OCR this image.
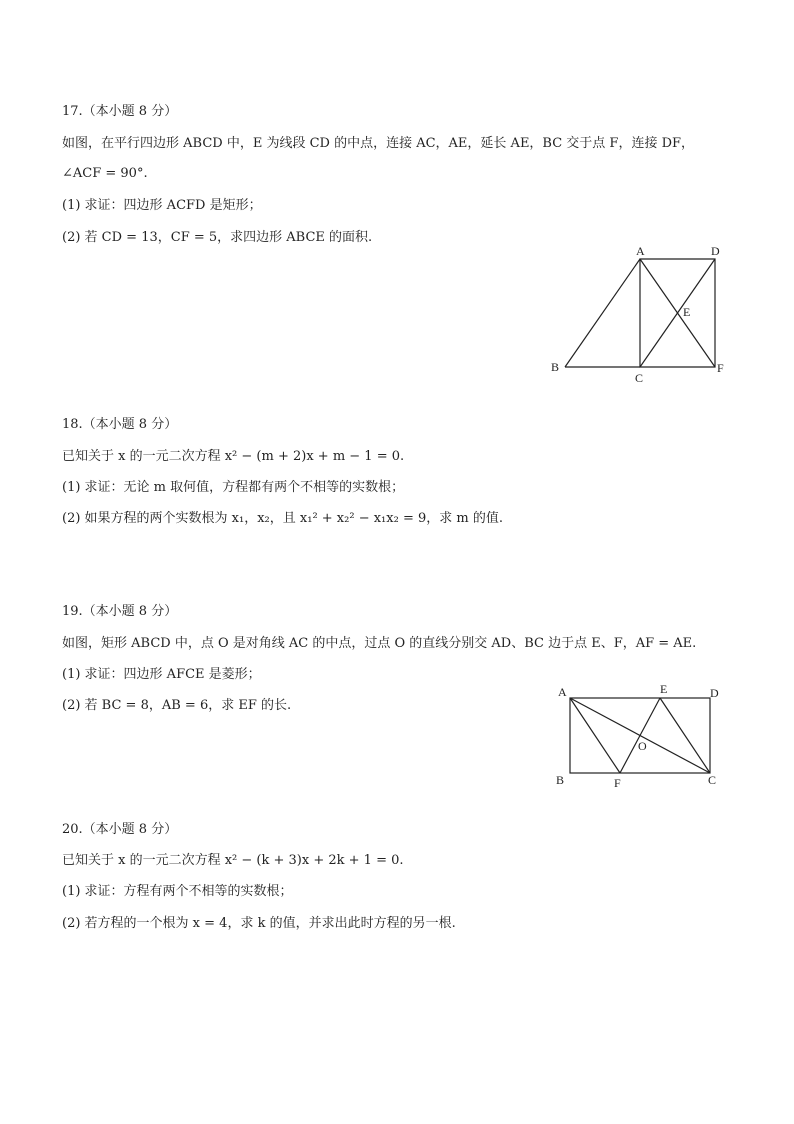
17.（本小题 8 分）
如图，在平行四边形 ABCD 中，E 为线段 CD 的中点，连接 AC，AE，延长 AE，BC 交于点 F，连接 DF，
∠ACF = 90°.
(1) 求证：四边形 ACFD 是矩形；
(2) 若 CD = 13，CF = 5，求四边形 ABCE 的面积.
A	D
E
B
C
F
18.（本小题 8 分）
已知关于 x 的一元二次方程 x² − (m + 2)x + m − 1 = 0.
(1) 求证：无论 m 取何值，方程都有两个不相等的实数根；
(2) 如果方程的两个实数根为 x₁，x₂，且 x₁² + x₂² − x₁x₂ = 9，求 m 的值.
19.（本小题 8 分）
如图，矩形 ABCD 中，点 O 是对角线 AC 的中点，过点 O 的直线分别交 AD、BC 边于点 E、F，AF = AE.
(1) 求证：四边形 AFCE 是菱形；
(2) 若 BC = 8，AB = 6，求 EF 的长.
A	E	D
O
B	F	C
20.（本小题 8 分）
已知关于 x 的一元二次方程 x² − (k + 3)x + 2k + 1 = 0.
(1) 求证：方程有两个不相等的实数根；
(2) 若方程的一个根为 x = 4，求 k 的值，并求出此时方程的另一根.
